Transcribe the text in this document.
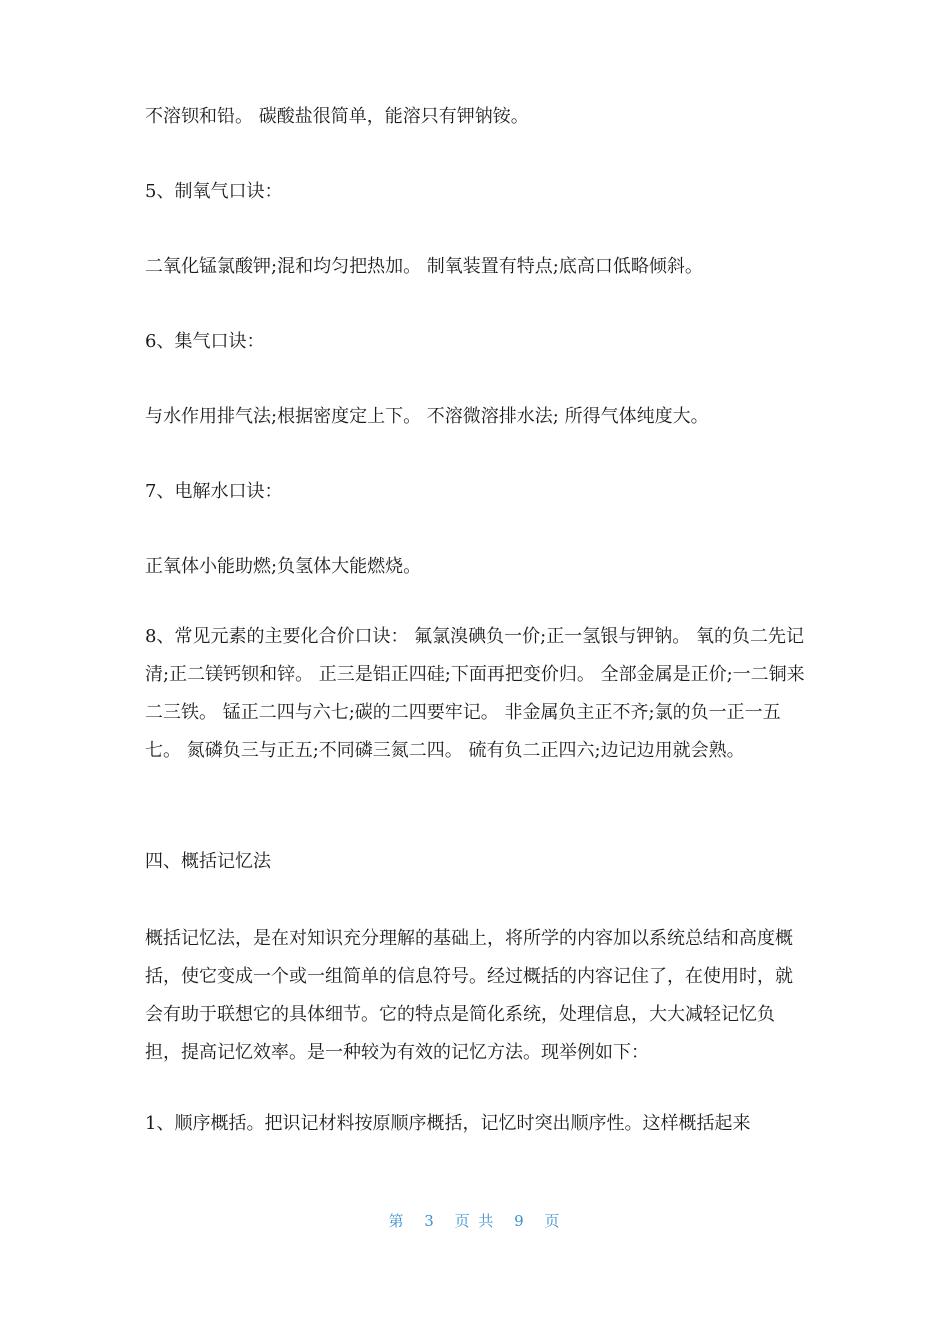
不溶钡和铅。 碳酸盐很简单，能溶只有钾钠铵。

5、制氧气口诀：

二氧化锰氯酸钾;混和均匀把热加。 制氧装置有特点;底高口低略倾斜。

6、集气口诀：

与水作用排气法;根据密度定上下。 不溶微溶排水法; 所得气体纯度大。

7、电解水口诀：

正氧体小能助燃;负氢体大能燃烧。

8、常见元素的主要化合价口诀： 氟氯溴碘负一价;正一氢银与钾钠。 氧的负二先记清;正二镁钙钡和锌。 正三是铝正四硅;下面再把变价归。 全部金属是正价;一二铜来二三铁。 锰正二四与六七;碳的二四要牢记。 非金属负主正不齐;氯的负一正一五七。 氮磷负三与正五;不同磷三氮二四。 硫有负二正四六;边记边用就会熟。

四、概括记忆法

概括记忆法，是在对知识充分理解的基础上，将所学的内容加以系统总结和高度概括，使它变成一个或一组简单的信息符号。经过概括的内容记住了，在使用时，就会有助于联想它的具体细节。它的特点是简化系统，处理信息，大大减轻记忆负担，提高记忆效率。是一种较为有效的记忆方法。现举例如下：

1、顺序概括。把识记材料按原顺序概括，记忆时突出顺序性。这样概括起来

第 3 页 共 9 页
